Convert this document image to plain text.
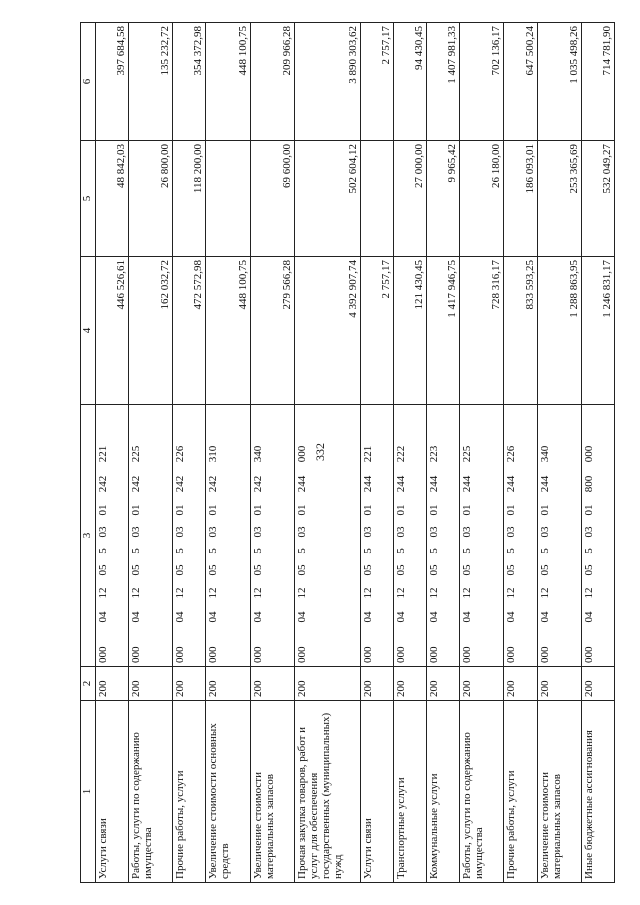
332
1	2	3	4	5	6
Услуги связи	200	00004120550301242221	446 526,61	48 842,03	397 684,58
Работы, услуги по содержанию имущества	200	00004120550301242225	162 032,72	26 800,00	135 232,72
Прочие работы, услуги	200	00004120550301242226	472 572,98	118 200,00	354 372,98
Увеличение стоимости основных средств	200	00004120550301242310	448 100,75		448 100,75
Увеличение стоимости материальных запасов	200	00004120550301242340	279 566,28	69 600,00	209 966,28
Прочая закупка товаров, работ и услуг для обеспечения государственных (муниципальных) нужд	200	00004120550301244000	4 392 907,74	502 604,12	3 890 303,62
Услуги связи	200	00004120550301244221	2 757,17		2 757,17
Транспортные услуги	200	00004120550301244222	121 430,45	27 000,00	94 430,45
Коммунальные услуги	200	00004120550301244223	1 417 946,75	9 965,42	1 407 981,33
Работы, услуги по содержанию имущества	200	00004120550301244225	728 316,17	26 180,00	702 136,17
Прочие работы, услуги	200	00004120550301244226	833 593,25	186 093,01	647 500,24
Увеличение стоимости материальных запасов	200	00004120550301244340	1 288 863,95	253 365,69	1 035 498,26
Иные бюджетные ассигнования	200	00004120550301800000	1 246 831,17	532 049,27	714 781,90
